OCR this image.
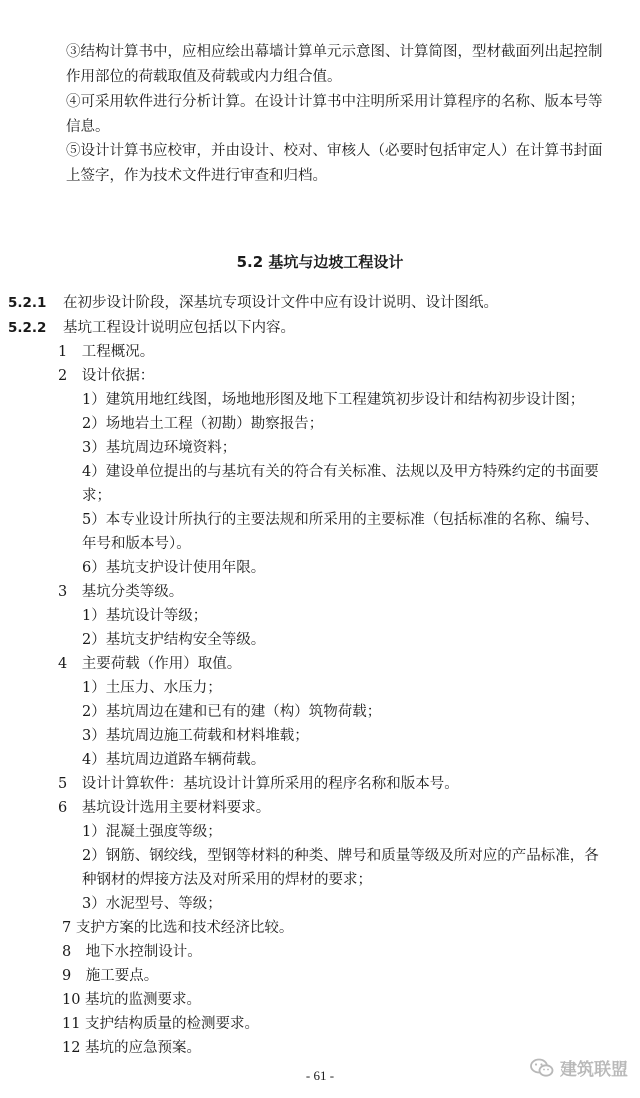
③结构计算书中，应相应绘出幕墙计算单元示意图、计算简图，型材截面列出起控制
作用部位的荷载取值及荷载或内力组合值。
④可采用软件进行分析计算。在设计计算书中注明所采用计算程序的名称、版本号等
信息。
⑤设计计算书应校审，并由设计、校对、审核人（必要时包括审定人）在计算书封面
上签字，作为技术文件进行审查和归档。
5.2 基坑与边坡工程设计
5.2.1 在初步设计阶段，深基坑专项设计文件中应有设计说明、设计图纸。
5.2.2 基坑工程设计说明应包括以下内容。
1　工程概况。
2　设计依据：
1）建筑用地红线图，场地地形图及地下工程建筑初步设计和结构初步设计图；
2）场地岩土工程（初勘）勘察报告；
3）基坑周边环境资料；
4）建设单位提出的与基坑有关的符合有关标准、法规以及甲方特殊约定的书面要
求；
5）本专业设计所执行的主要法规和所采用的主要标准（包括标准的名称、编号、
年号和版本号）。
6）基坑支护设计使用年限。
3　基坑分类等级。
1）基坑设计等级；
2）基坑支护结构安全等级。
4　主要荷载（作用）取值。
1）土压力、水压力；
2）基坑周边在建和已有的建（构）筑物荷载；
3）基坑周边施工荷载和材料堆载；
4）基坑周边道路车辆荷载。
5　设计计算软件：基坑设计计算所采用的程序名称和版本号。
6　基坑设计选用主要材料要求。
1）混凝土强度等级；
2）钢筋、钢绞线，型钢等材料的种类、牌号和质量等级及所对应的产品标准，各
种钢材的焊接方法及对所采用的焊材的要求；
3）水泥型号、等级；
7 支护方案的比选和技术经济比较。
8　地下水控制设计。
9　施工要点。
10 基坑的监测要求。
11 支护结构质量的检测要求。
12 基坑的应急预案。
- 61 -	建筑联盟
